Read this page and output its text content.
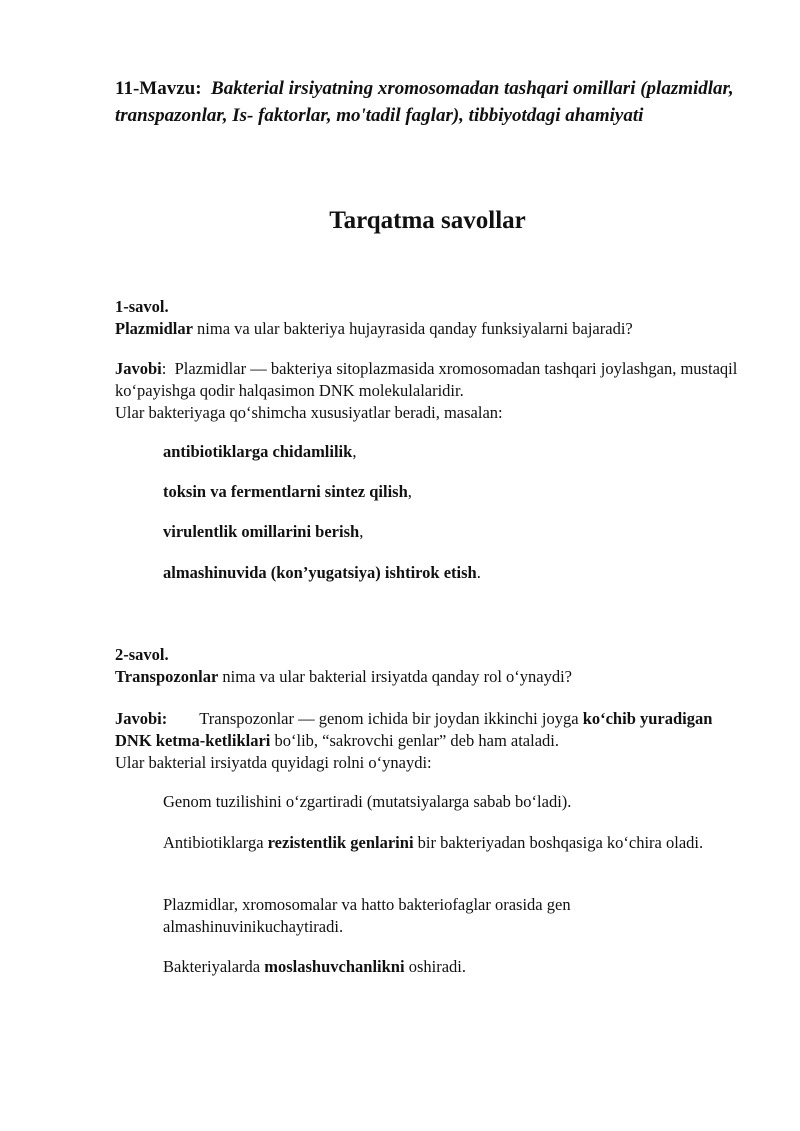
11-Mavzu: Bakterial irsiyatning xromosomadan tashqari omillari (plazmidlar, transpazonlar, Is- faktorlar, mo'tadil faglar), tibbiyotdagi ahamiyati
Tarqatma savollar
1-savol.
Plazmidlar nima va ular bakteriya hujayrasida qanday funksiyalarni bajaradi?
Javobi:  Plazmidlar — bakteriya sitoplazmasida xromosomadan tashqari joylashgan, mustaqil koʻpayishga qodir halqasimon DNK molekulalaridir.
Ular bakteriyaga qoʻshimcha xususiyatlar beradi, masalan:
antibiotiklarga chidamlilik,
toksin va fermentlarni sintez qilish,
virulentlik omillarini berish,
almashinuvida (kon’yugatsiya) ishtirok etish.
2-savol.
Transpozonlar nima va ular bakterial irsiyatda qanday rol oʻynaydi?
Javobi: Transpozonlar — genom ichida bir joydan ikkinchi joyga koʻchib yuradigan DNK ketma-ketliklari boʻlib, “sakrovchi genlar” deb ham ataladi.
Ular bakterial irsiyatda quyidagi rolni oʻynaydi:
Genom tuzilishini oʻzgartiradi (mutatsiyalarga sabab boʻladi).
Antibiotiklarga rezistentlik genlarini bir bakteriyadan boshqasiga koʻchira oladi.
Plazmidlar, xromosomalar va hatto bakteriofaglar orasida gen almashinuvinikuchaytiradi.
Bakteriyalarda moslashuvchanlikni oshiradi.
